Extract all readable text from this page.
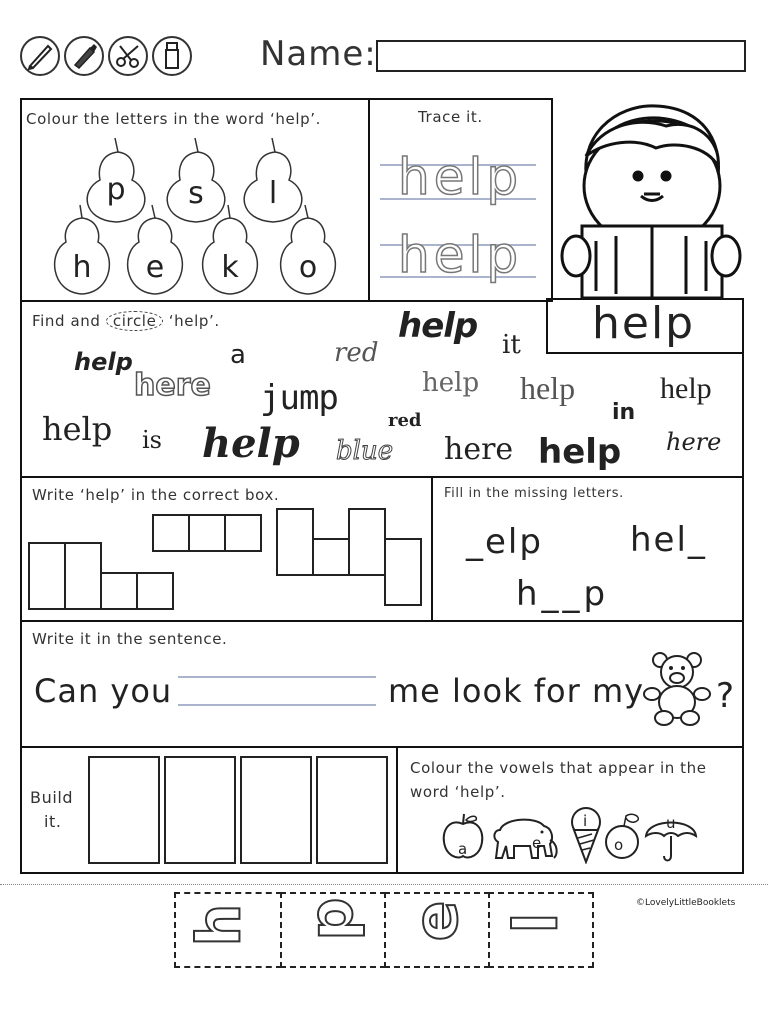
Name:
Colour the letters in the word ‘help’.
p	s	l
h	e	k	o
Trace it.
help
help
help
Find and circle ‘help’.	help
a	red
help
it
here jump	help help	help
help is help	red
blue
in
here help here
Write ‘help’ in the correct box.	Fill in the missing letters.
_elp	hel_
h__p
Write it in the sentence.
Can you	me look for my ?
Build
it.
Colour the vowels that appear in the word ‘help’.
a	e
i
o
u
©LovelyLittleBooklets
h p e l
